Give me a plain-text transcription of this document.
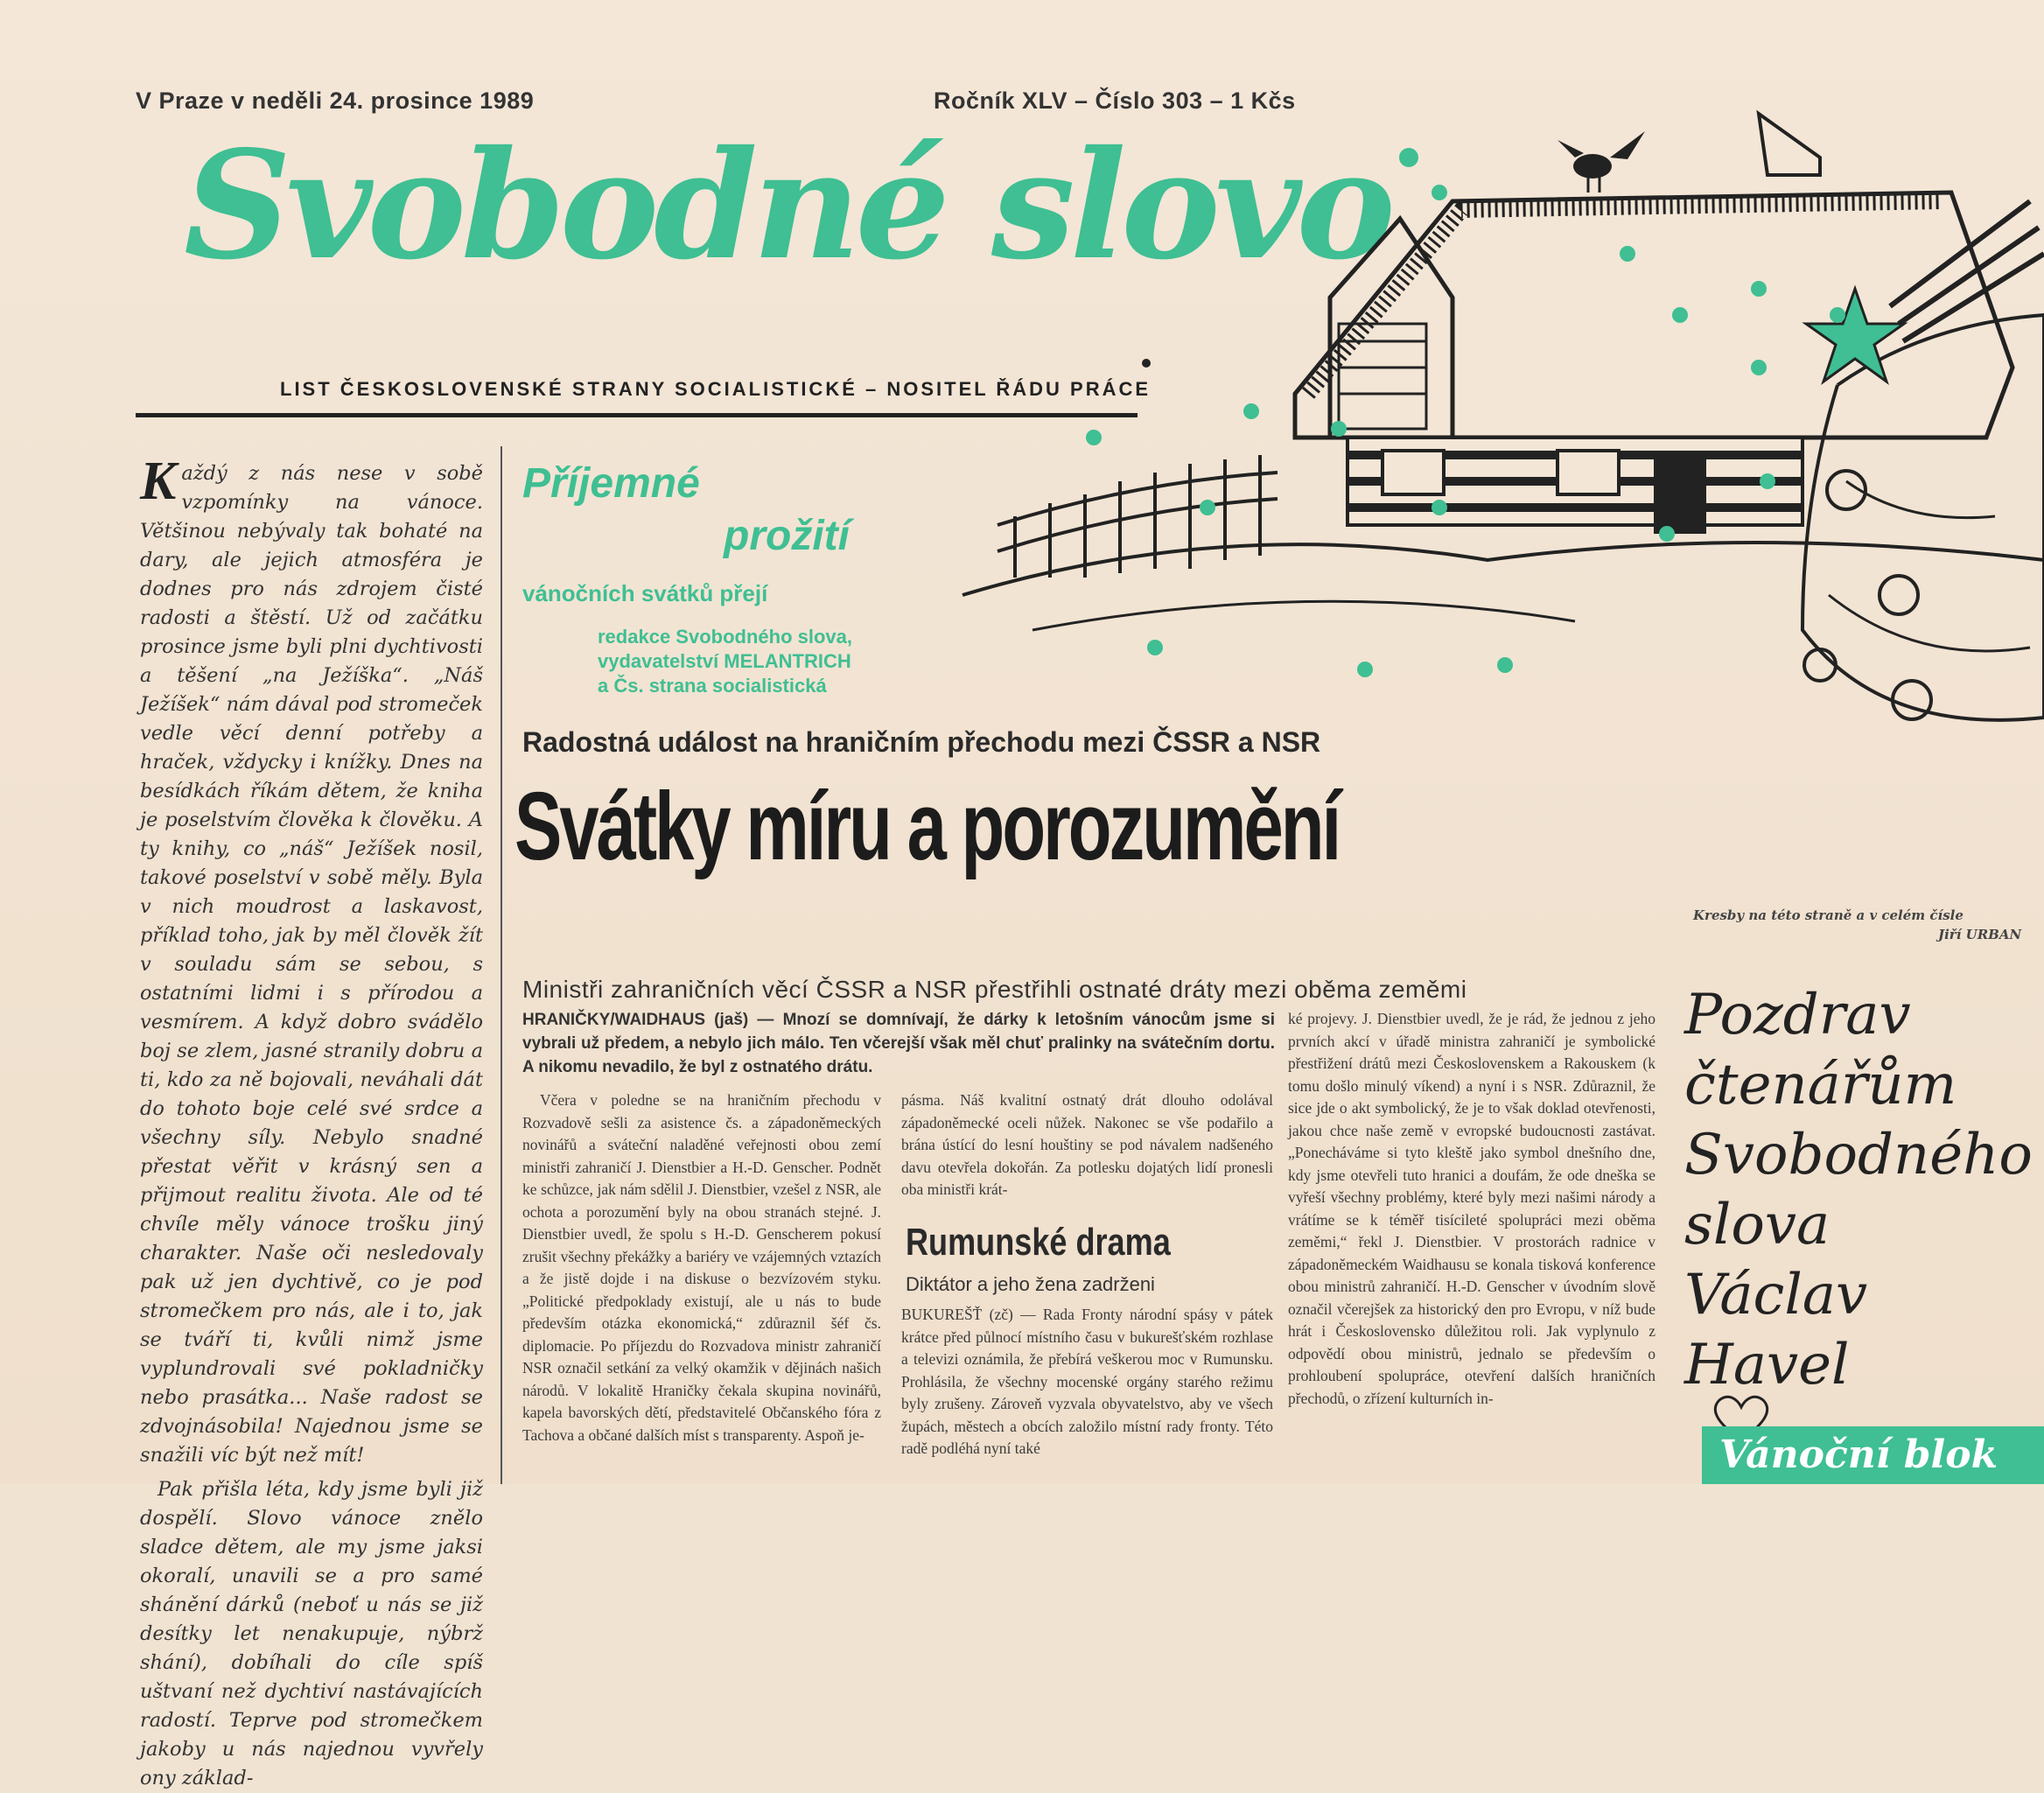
V Praze v neděli 24. prosince 1989	Ročník XLV – Číslo 303 – 1 Kčs
Svobodné slovo
LIST ČESKOSLOVENSKÉ STRANY SOCIALISTICKÉ – NOSITEL ŘÁDU PRÁCE
K aždý z nás nese v sobě vzpomínky na vánoce. Většinou nebývaly tak bohaté na dary, ale jejich atmosféra je dodnes pro nás zdrojem čisté radosti a štěstí. Už od začátku prosince jsme byli plni dychtivosti a těšení „na Ježíška“. „Náš Ježíšek“ nám dával pod stromeček vedle věcí denní potřeby a hraček, vždycky i knížky. Dnes na besídkách říkám dětem, že kniha je poselstvím člověka k člověku. A ty knihy, co „náš“ Ježíšek nosil, takové poselství v sobě měly. Byla v nich moudrost a laskavost, příklad toho, jak by měl člověk žít v souladu sám se sebou, s ostatními lidmi i s přírodou a vesmírem. A když dobro svádělo boj se zlem, jasné stranily dobru a ti, kdo za ně bojovali, neváhali dát do tohoto boje celé své srdce a všechny síly. Nebylo snadné přestat věřit v krásný sen a přijmout realitu života. Ale od té chvíle měly vánoce trošku jiný charakter. Naše oči nesledovaly pak už jen dychtivě, co je pod stromečkem pro nás, ale i to, jak se tváří ti, kvůli nimž jsme vyplundrovali své pokladničky nebo prasátka... Naše radost se zdvojnásobila! Najednou jsme se snažili víc být než mít!
Pak přišla léta, kdy jsme byli již dospělí. Slovo vánoce znělo sladce dětem, ale my jsme jaksi okoralí, unavili se a pro samé shánění dárků (neboť u nás se již desítky let nenakupuje, nýbrž shání), dobíhali do cíle spíš uštvaní než dychtiví nastávajících radostí. Teprve pod stromečkem jakoby u nás najednou vyvřely ony základ-
Příjemné
prožití
vánočních svátků přejí
redakce Svobodného slova,
vydavatelství MELANTRICH
a Čs. strana socialistická
Kresby na této straně a v celém čísle
Jiří URBAN
Radostná událost na hraničním přechodu mezi ČSSR a NSR
Svátky míru a porozumění
Ministři zahraničních věcí ČSSR a NSR přestřihli ostnaté dráty mezi oběma zeměmi
HRANIČKY/WAIDHAUS (jaš) — Mnozí se domnívají, že dárky k letošním vánocům jsme si vybrali už předem, a nebylo jich málo. Ten včerejší však měl chuť pralinky na svátečním dortu. A nikomu nevadilo, že byl z ostnatého drátu.
Včera v poledne se na hraničním přechodu v Rozvadově sešli za asistence čs. a západoněmeckých novinářů a sváteční naladěné veřejnosti obou zemí ministři zahraničí J. Dienstbier a H.-D. Genscher. Podnět ke schůzce, jak nám sdělil J. Dienstbier, vzešel z NSR, ale ochota a porozumění byly na obou stranách stejné. J. Dienstbier uvedl, že spolu s H.-D. Genscherem pokusí zrušit všechny překážky a bariéry ve vzájemných vztazích a že jistě dojde i na diskuse o bezvízovém styku. „Politické předpoklady existují, ale u nás to bude především otázka ekonomická,“ zdůraznil šéf čs. diplomacie. Po příjezdu do Rozvadova ministr zahraničí NSR označil setkání za velký okamžik v dějinách našich národů. V lokalitě Hraničky čekala skupina novinářů, kapela bavorských dětí, představitelé Občanského fóra z Tachova a občané dalších míst s transparenty. Aspoň je-
pásma. Náš kvalitní ostnatý drát dlouho odolával západoněmecké oceli nůžek. Nakonec se vše podařilo a brána ústící do lesní houštiny se pod návalem nadšeného davu otevřela dokořán. Za potlesku dojatých lidí pronesli oba ministři krát-
ké projevy. J. Dienstbier uvedl, že je rád, že jednou z jeho prvních akcí v úřadě ministra zahraničí je symbolické přestřižení drátů mezi Československem a Rakouskem (k tomu došlo minulý víkend) a nyní i s NSR. Zdůraznil, že sice jde o akt symbolický, že je to však doklad otevřenosti, jakou chce naše země v evropské budoucnosti zastávat. „Ponecháváme si tyto kleště jako symbol dnešního dne, kdy jsme otevřeli tuto hranici a doufám, že ode dneška se vyřeší všechny problémy, které byly mezi našimi národy a vrátíme se k téměř tisícileté spolupráci mezi oběma zeměmi,“ řekl J. Dienstbier. V prostorách radnice v západoněmeckém Waidhausu se konala tisková konference obou ministrů zahraničí. H.-D. Genscher v úvodním slově označil včerejšek za historický den pro Evropu, v níž bude hrát i Československo důležitou roli. Jak vyplynulo z odpovědí obou ministrů, jednalo se především o prohloubení spolupráce, otevření dalších hraničních přechodů, o zřízení kulturních in-
Rumunské drama
Diktátor a jeho žena zadrženi
BUKUREŠŤ (zč) — Rada Fronty národní spásy v pátek krátce před půlnocí místního času v bukurešťském rozhlase a televizi oznámila, že přebírá veškerou moc v Rumunsku. Prohlásila, že všechny mocenské orgány starého režimu byly zrušeny. Zároveň vyzvala obyvatelstvo, aby ve všech župách, městech a obcích založilo místní rady fronty. Této radě podléhá nyní také
Pozdrav
čtenářům
Svobodného
slova
Václav
Havel
Vánoční blok
